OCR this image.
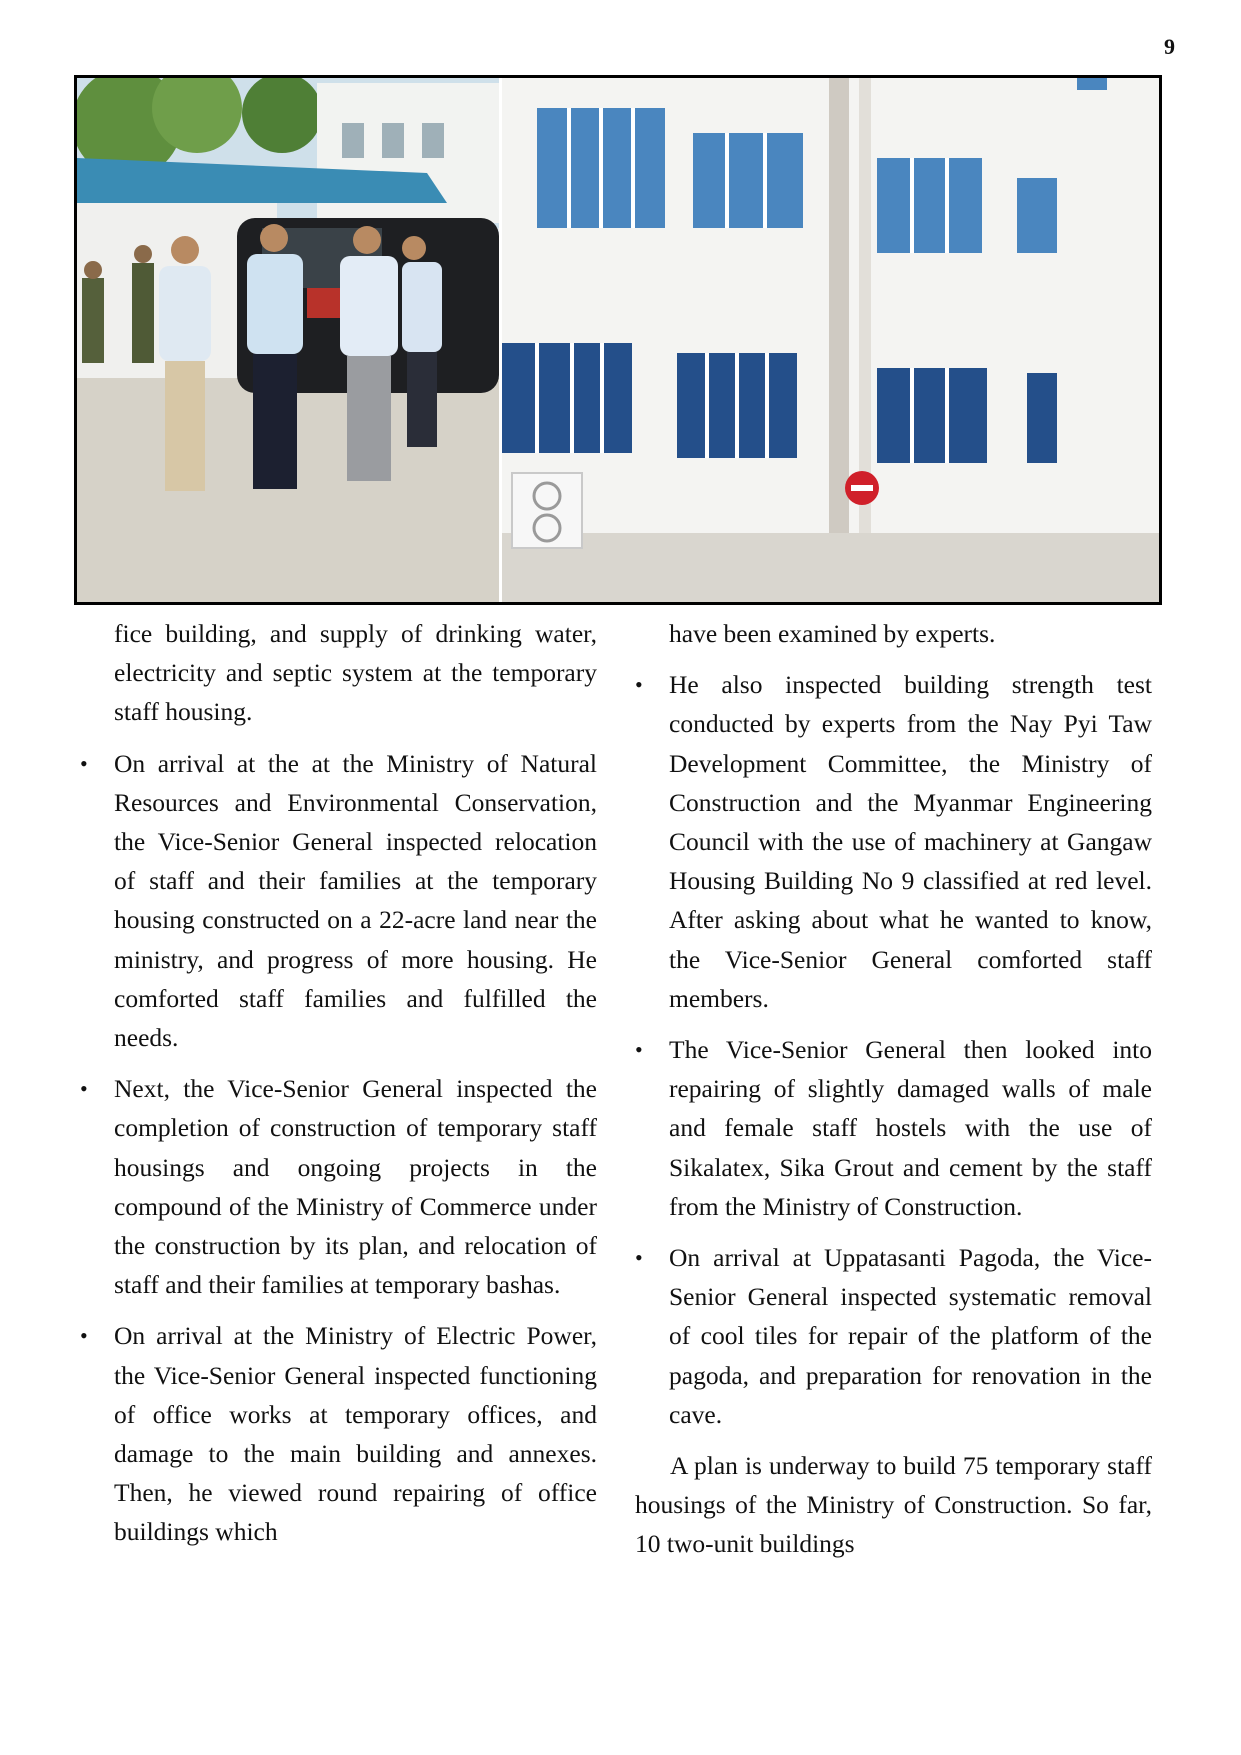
9

fice building, and supply of drinking water, electricity and septic system at the temporary staff housing.

• On arrival at the at the Ministry of Natural Resources and Environmental Conservation, the Vice-Senior General inspected relocation of staff and their families at the temporary housing constructed on a 22-acre land near the ministry, and progress of more housing. He comforted staff families and fulfilled the needs.
• Next, the Vice-Senior General inspected the completion of construction of temporary staff housings and ongoing projects in the compound of the Ministry of Commerce under the construction by its plan, and relocation of staff and their families at temporary bashas.
• On arrival at the Ministry of Electric Power, the Vice-Senior General inspected functioning of office works at temporary offices, and damage to the main building and annexes. Then, he viewed round repairing of office buildings which

have been examined by experts.

• He also inspected building strength test conducted by experts from the Nay Pyi Taw Development Committee, the Ministry of Construction and the Myanmar Engineering Council with the use of machinery at Gangaw Housing Building No 9 classified at red level. After asking about what he wanted to know, the Vice-Senior General comforted staff members.
• The Vice-Senior General then looked into repairing of slightly damaged walls of male and female staff hostels with the use of Sikalatex, Sika Grout and cement by the staff from the Ministry of Construction.
• On arrival at Uppatasanti Pagoda, the Vice-Senior General inspected systematic removal of cool tiles for repair of the platform of the pagoda, and preparation for renovation in the cave.

A plan is underway to build 75 temporary staff housings of the Ministry of Construction. So far, 10 two-unit buildings
